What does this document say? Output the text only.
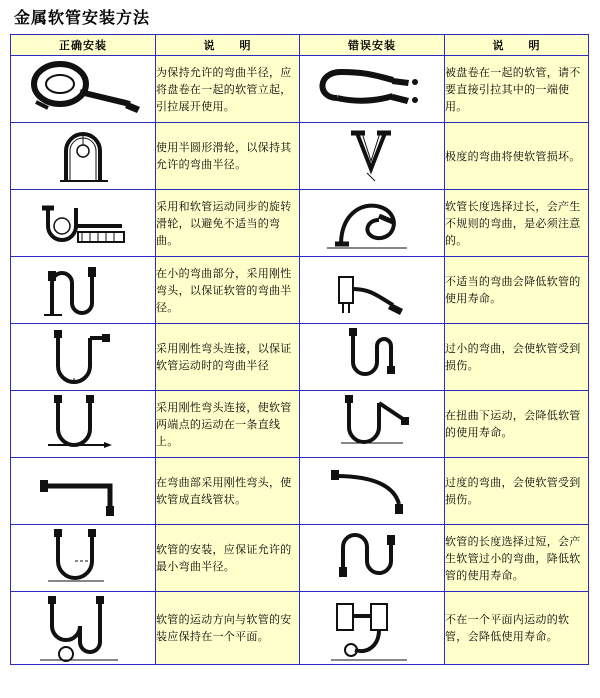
金属软管安装方法
正确安装	说　　明	错误安装	说　　明

	为保持允许的弯曲半径，应将盘卷在一起的软管立起，引拉展开使用。		被盘卷在一起的软管，请不要直接引拉其中的一端使用。

	使用半圆形滑轮，以保持其允许的弯曲半径。		极度的弯曲将使软管损坏。

	采用和软管运动同步的旋转滑轮，以避免不适当的弯曲。		软管长度选择过长，会产生不规则的弯曲，是必须注意的。

	在小的弯曲部分，采用刚性弯头，以保证软管的弯曲半径。		不适当的弯曲会降低软管的使用寿命。

	采用刚性弯头连接，以保证软管运动时的弯曲半径		过小的弯曲，会使软管受到损伤。

	采用刚性弯头连接，使软管两端点的运动在一条直线上。		在扭曲下运动，会降低软管的使用寿命。

	在弯曲部采用刚性弯头，使软管成直线管状。		过度的弯曲，会使软管受到损伤。

	软管的安装，应保证允许的最小弯曲半径。		软管的长度选择过短，会产生软管过小的弯曲，降低软管的使用寿命。

	软管的运动方向与软管的安装应保持在一个平面。		不在一个平面内运动的软管，会降低使用寿命。
